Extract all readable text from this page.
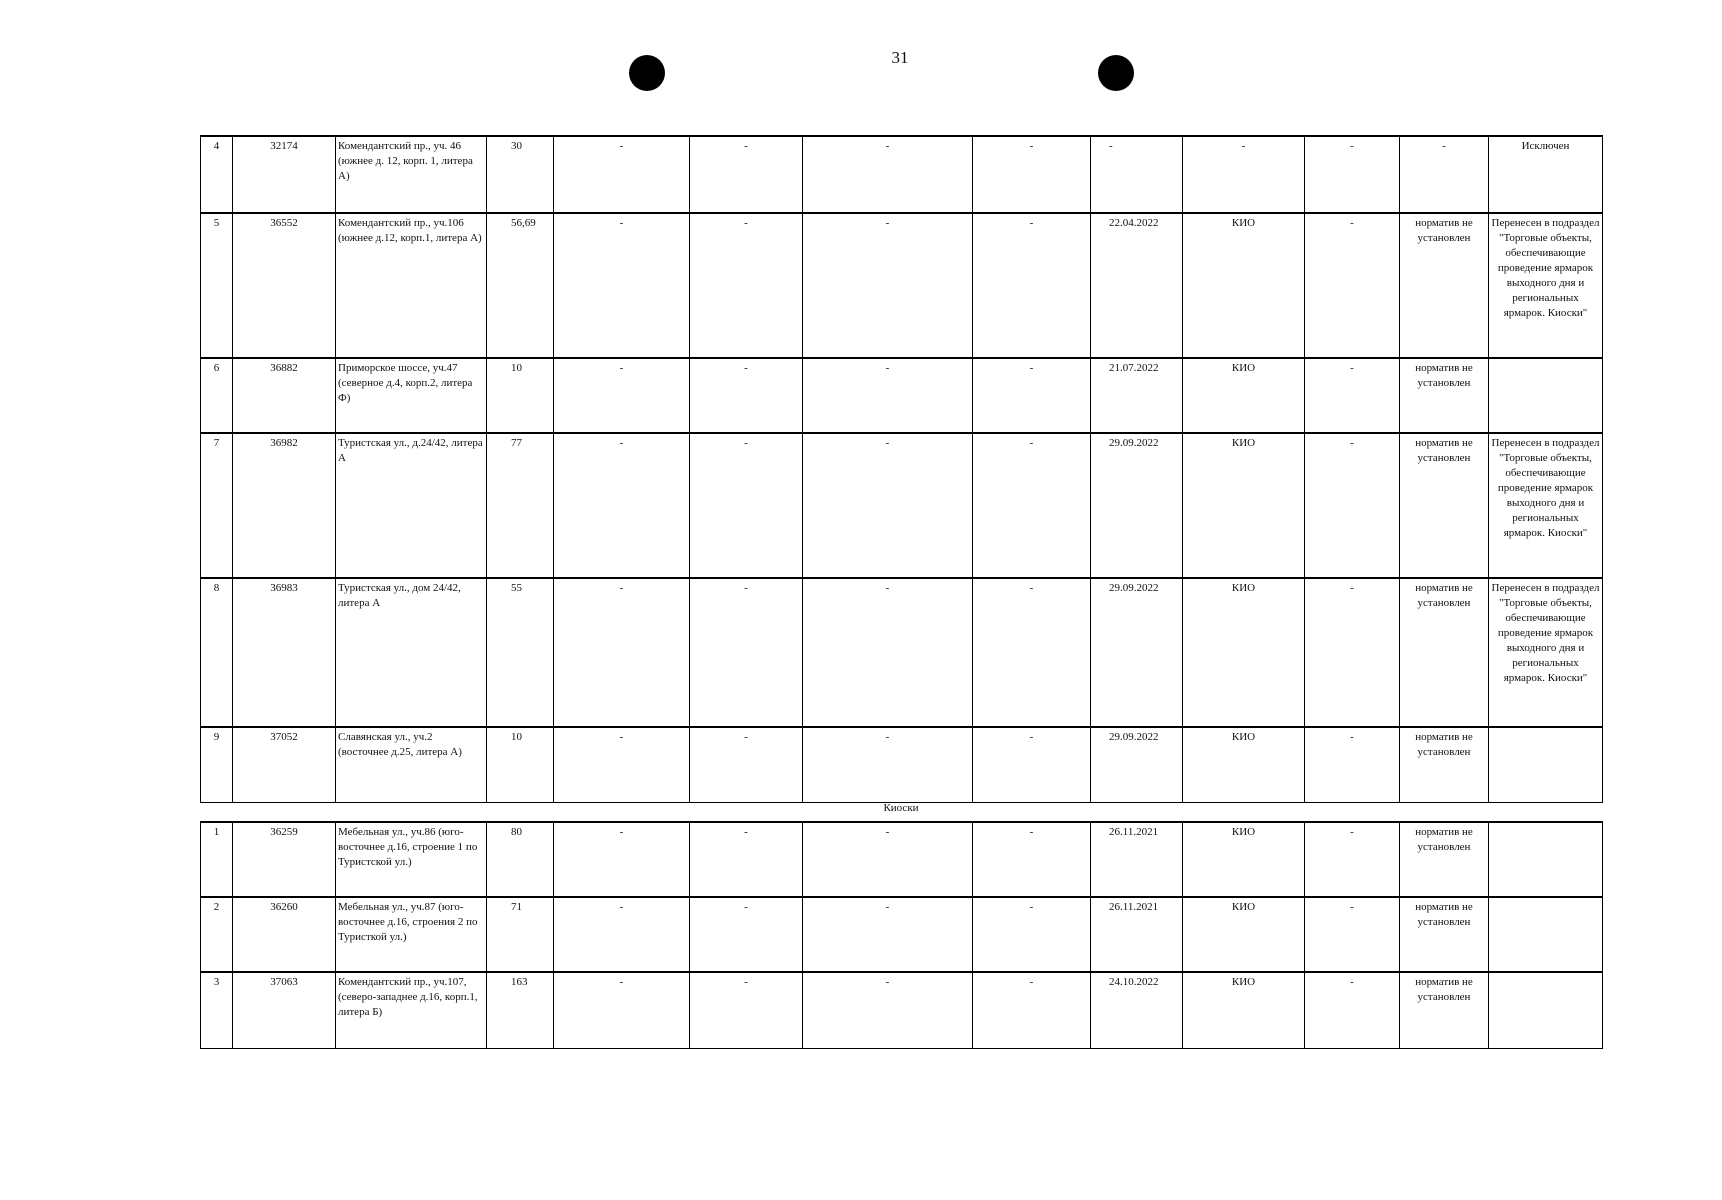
31
4	32174	Комендантский пр., уч. 46 (южнее д. 12, корп. 1, литера А)	30	-	-	-	-	-	-	-	-	Исключен
5	36552	Комендантский пр., уч.106 (южнее д.12, корп.1, литера А)	56,69	-	-	-	-	22.04.2022	КИО	-	норматив не установлен	Перенесен в подраздел "Торговые объекты, обеспечивающие проведение ярмарок выходного дня и региональных ярмарок. Киоски"
6	36882	Приморское шоссе, уч.47 (северное д.4, корп.2, литера Ф)	10	-	-	-	-	21.07.2022	КИО	-	норматив не установлен	
7	36982	Туристская ул., д.24/42, литера А	77	-	-	-	-	29.09.2022	КИО	-	норматив не установлен	Перенесен в подраздел "Торговые объекты, обеспечивающие проведение ярмарок выходного дня и региональных ярмарок. Киоски"
8	36983	Туристская ул., дом 24/42, литера А	55	-	-	-	-	29.09.2022	КИО	-	норматив не установлен	Перенесен в подраздел "Торговые объекты, обеспечивающие проведение ярмарок выходного дня и региональных ярмарок. Киоски"
9	37052	Славянская ул., уч.2 (восточнее д.25, литера А)	10	-	-	-	-	29.09.2022	КИО	-	норматив не установлен	
Киоски
1	36259	Мебельная ул., уч.86 (юго-восточнее д.16, строение 1 по Туристской ул.)	80	-	-	-	-	26.11.2021	КИО	-	норматив не установлен	
2	36260	Мебельная ул., уч.87 (юго-восточнее д.16, строения 2 по Туристкой ул.)	71	-	-	-	-	26.11.2021	КИО	-	норматив не установлен	
3	37063	Комендантский пр., уч.107, (северо-западнее д.16, корп.1, литера Б)	163	-	-	-	-	24.10.2022	КИО	-	норматив не установлен	
